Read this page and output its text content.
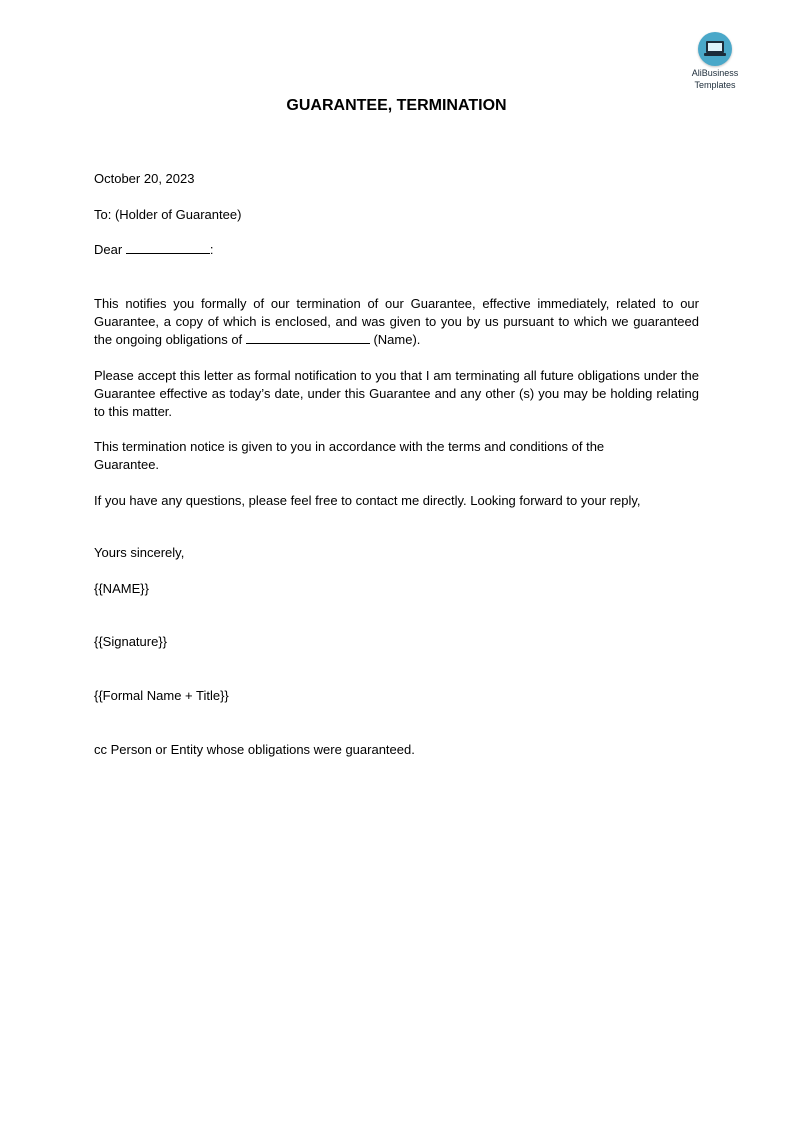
AliBusiness
Templates
GUARANTEE, TERMINATION
October 20, 2023
To: (Holder of Guarantee)
Dear	:
This notifies you formally of our termination of our Guarantee, effective immediately, related to our Guarantee, a copy of which is enclosed, and was given to you by us pursuant to which we guaranteed the ongoing obligations of	(Name).
Please accept this letter as formal notification to you that I am terminating all future obligations under the Guarantee effective as today’s date, under this Guarantee and any other (s) you may be holding relating to this matter.
This termination notice is given to you in accordance with the terms and conditions of the
Guarantee.
If you have any questions, please feel free to contact me directly. Looking forward to your reply,
Yours sincerely,
{{NAME}}
{{Signature}}
{{Formal Name + Title}}
cc Person or Entity whose obligations were guaranteed.
